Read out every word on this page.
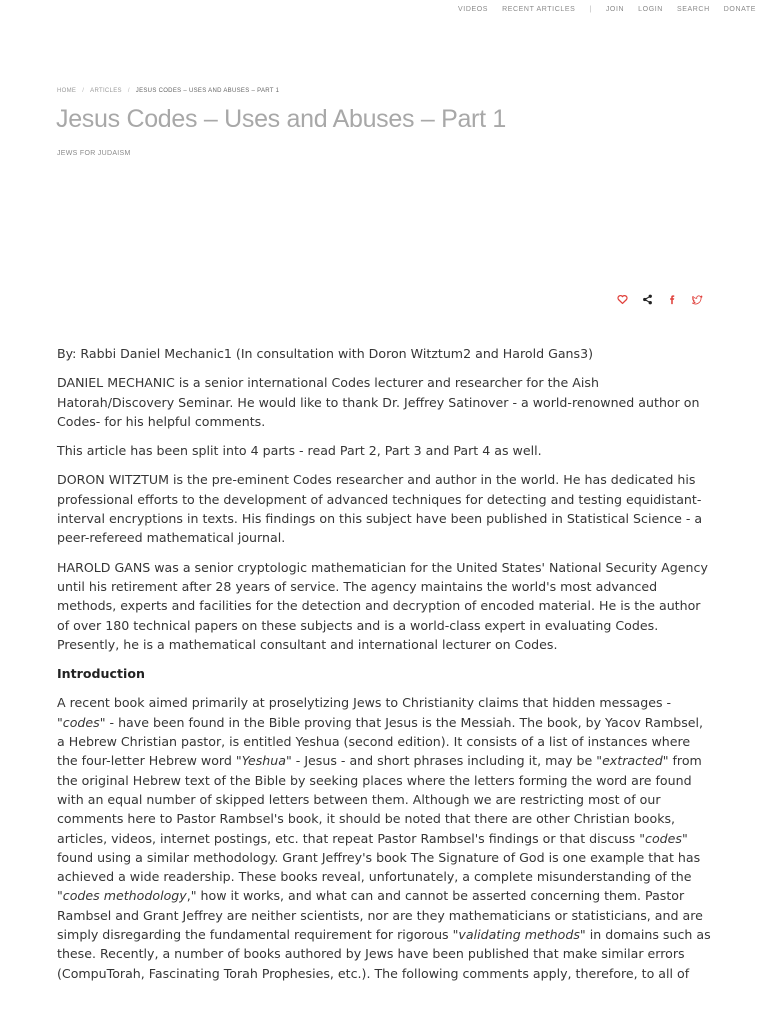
VIDEOS RECENT ARTICLES | JOIN LOGIN SEARCH DONATE
HOME / ARTICLES / JESUS CODES – USES AND ABUSES – PART 1
Jesus Codes – Uses and Abuses – Part 1
JEWS FOR JUDAISM

By: Rabbi Daniel Mechanic1 (In consultation with Doron Witztum2 and Harold Gans3)

DANIEL MECHANIC is a senior international Codes lecturer and researcher for the Aish Hatorah/Discovery Seminar. He would like to thank Dr. Jeffrey Satinover - a world-renowned author on Codes- for his helpful comments.

This article has been split into 4 parts - read Part 2, Part 3 and Part 4 as well.

DORON WITZTUM is the pre-eminent Codes researcher and author in the world. He has dedicated his professional efforts to the development of advanced techniques for detecting and testing equidistant-interval encryptions in texts. His findings on this subject have been published in Statistical Science - a peer-refereed mathematical journal.

HAROLD GANS was a senior cryptologic mathematician for the United States' National Security Agency until his retirement after 28 years of service. The agency maintains the world's most advanced methods, experts and facilities for the detection and decryption of encoded material. He is the author of over 180 technical papers on these subjects and is a world-class expert in evaluating Codes. Presently, he is a mathematical consultant and international lecturer on Codes.

Introduction

A recent book aimed primarily at proselytizing Jews to Christianity claims that hidden messages - "codes" - have been found in the Bible proving that Jesus is the Messiah. The book, by Yacov Rambsel, a Hebrew Christian pastor, is entitled Yeshua (second edition). It consists of a list of instances where the four-letter Hebrew word "Yeshua" - Jesus - and short phrases including it, may be "extracted" from the original Hebrew text of the Bible by seeking places where the letters forming the word are found with an equal number of skipped letters between them. Although we are restricting most of our comments here to Pastor Rambsel's book, it should be noted that there are other Christian books, articles, videos, internet postings, etc. that repeat Pastor Rambsel's findings or that discuss "codes" found using a similar methodology. Grant Jeffrey's book The Signature of God is one example that has achieved a wide readership. These books reveal, unfortunately, a complete misunderstanding of the "codes methodology," how it works, and what can and cannot be asserted concerning them. Pastor Rambsel and Grant Jeffrey are neither scientists, nor are they mathematicians or statisticians, and are simply disregarding the fundamental requirement for rigorous "validating methods" in domains such as these. Recently, a number of books authored by Jews have been published that make similar errors (CompuTorah, Fascinating Torah Prophesies, etc.). The following comments apply, therefore, to all of
